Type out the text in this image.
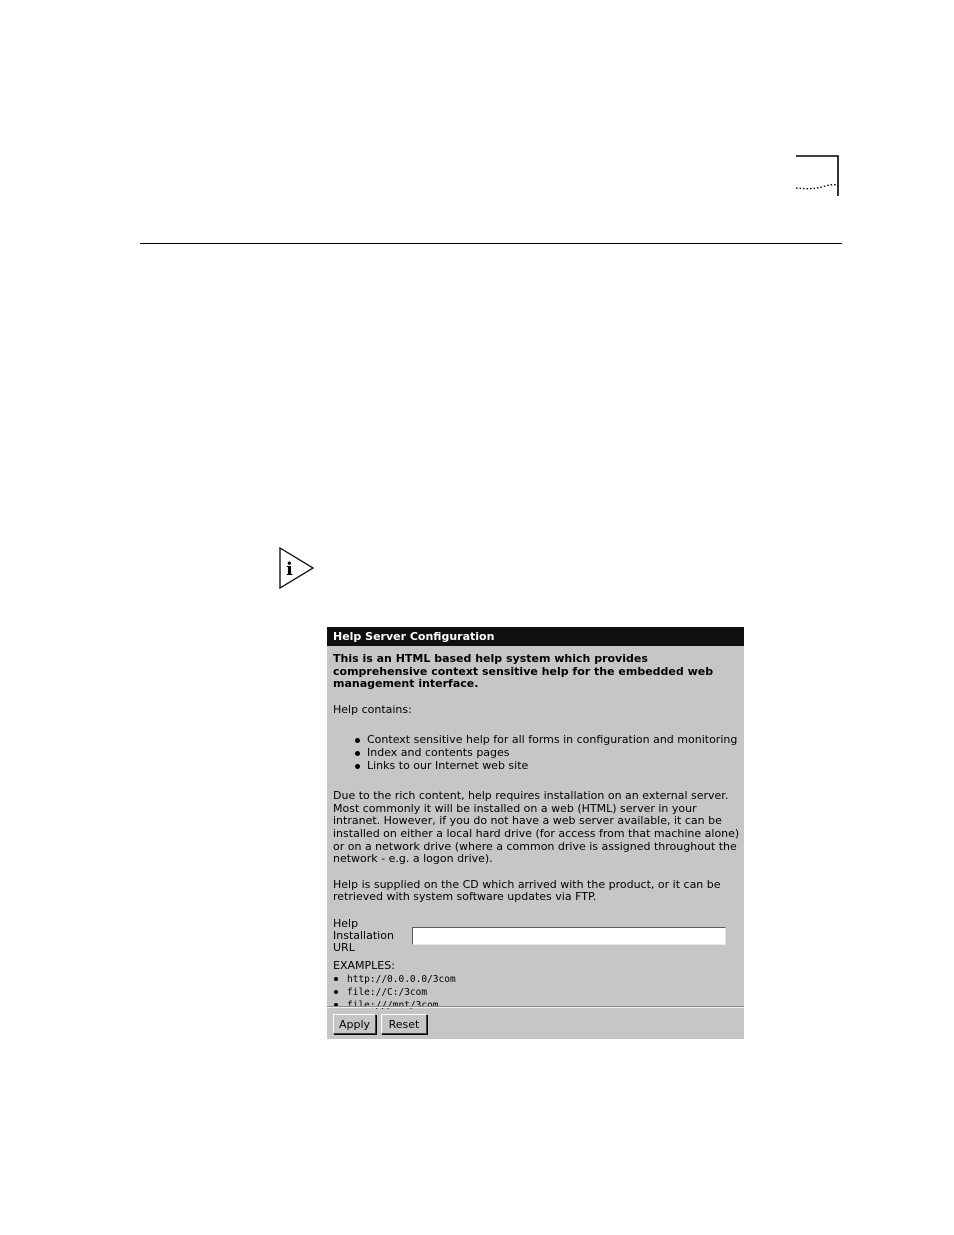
i
Help Server Configuration

This is an HTML based help system which provides comprehensive context sensitive help for the embedded web management interface.

Help contains:

Context sensitive help for all forms in configuration and monitoring
Index and contents pages
Links to our Internet web site

Due to the rich content, help requires installation on an external server. Most commonly it will be installed on a web (HTML) server in your intranet. However, if you do not have a web server available, it can be installed on either a local hard drive (for access from that machine alone) or on a network drive (where a common drive is assigned throughout the network - e.g. a logon drive).

Help is supplied on the CD which arrived with the product, or it can be retrieved with system software updates via FTP.

Help Installation URL

EXAMPLES:

http://0.0.0.0/3com
file://C:/3com
file:///mnt/3com
Apply	Reset
